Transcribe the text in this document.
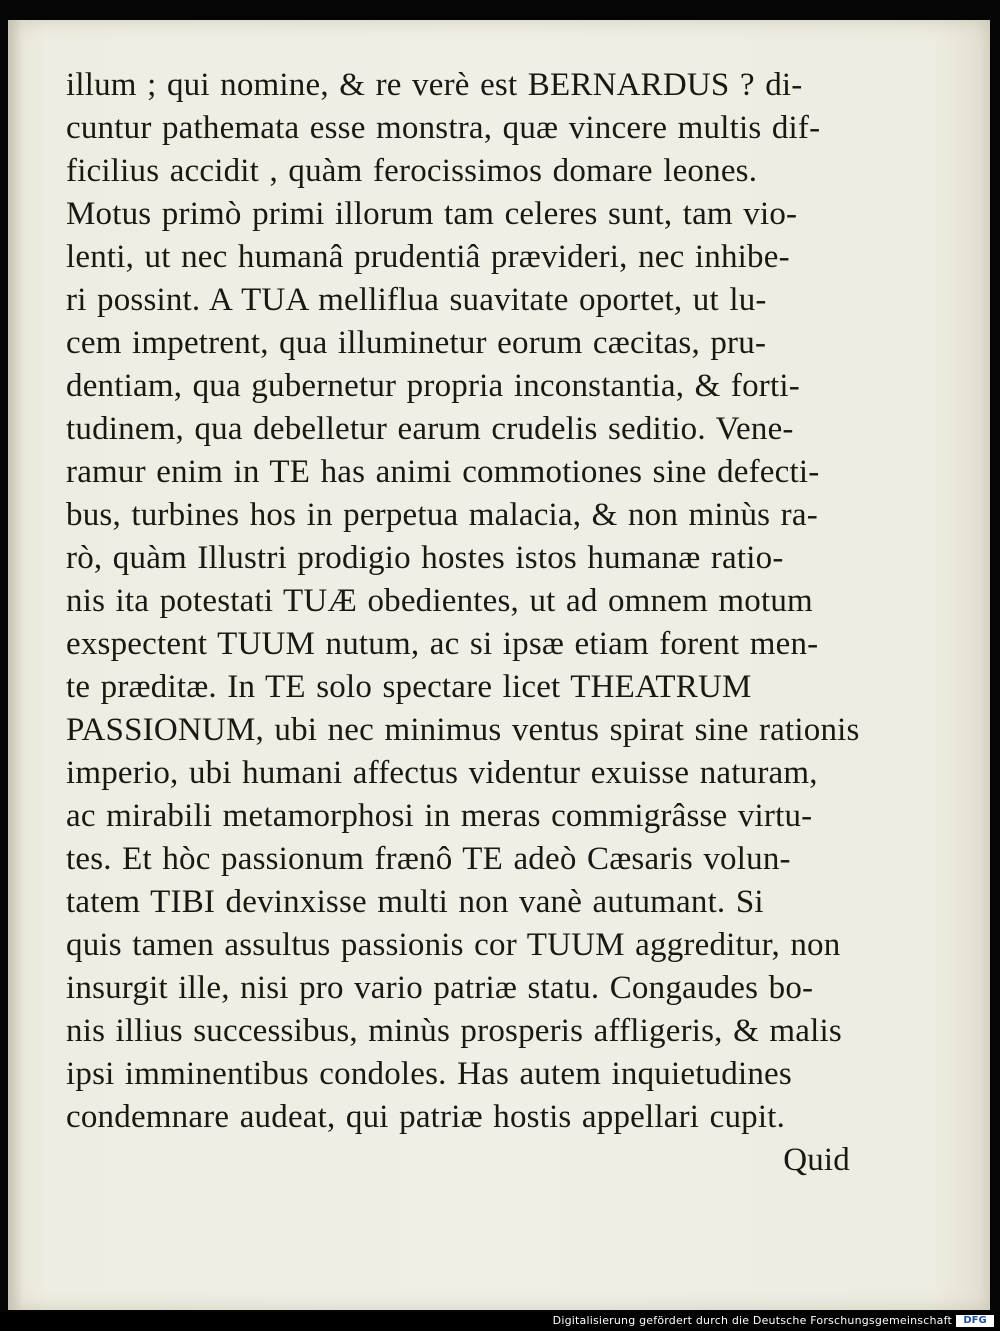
illum ; qui nomine, & re verè est BERNARDUS ? di-
cuntur pathemata esse monstra, quæ vincere multis dif-
ficilius accidit , quàm ferocissimos domare leones.
Motus primò primi illorum tam celeres sunt, tam vio-
lenti, ut nec humanâ prudentiâ prævideri, nec inhibe-
ri possint. A TUA melliflua suavitate oportet, ut lu-
cem impetrent, qua illuminetur eorum cæcitas, pru-
dentiam, qua gubernetur propria inconstantia, & forti-
tudinem, qua debelletur earum crudelis seditio. Vene-
ramur enim in TE has animi commotiones sine defecti-
bus, turbines hos in perpetua malacia, & non minùs ra-
rò, quàm Illustri prodigio hostes istos humanæ ratio-
nis ita potestati TUÆ obedientes, ut ad omnem motum
exspectent TUUM nutum, ac si ipsæ etiam forent men-
te præditæ. In TE solo spectare licet THEATRUM
PASSIONUM, ubi nec minimus ventus spirat sine rationis
imperio, ubi humani affectus videntur exuisse naturam,
ac mirabili metamorphosi in meras commigrâsse virtu-
tes. Et hòc passionum frænô TE adeò Cæsaris volun-
tatem TIBI devinxisse multi non vanè autumant. Si
quis tamen assultus passionis cor TUUM aggreditur, non
insurgit ille, nisi pro vario patriæ statu. Congaudes bo-
nis illius successibus, minùs prosperis affligeris, & malis
ipsi imminentibus condoles. Has autem inquietudines
condemnare audeat, qui patriæ hostis appellari cupit.
Quid
Digitalisierung gefördert durch die Deutsche Forschungsgemeinschaft	DFG
